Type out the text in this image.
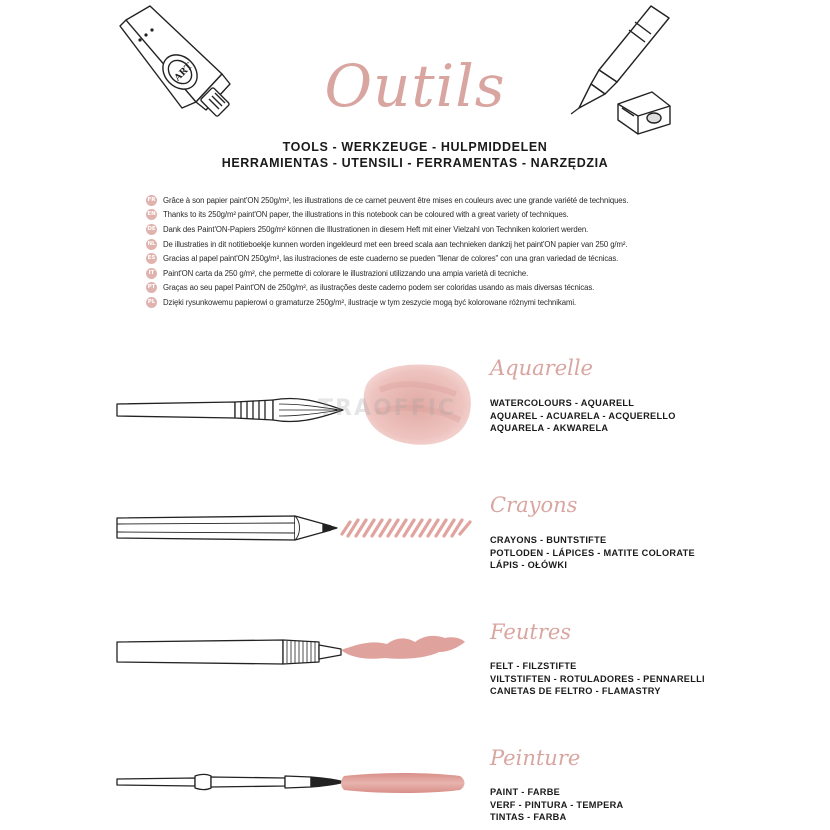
Outils
TOOLS - WERKZEUGE - HULPMIDDELEN
HERRAMIENTAS - UTENSILI - FERRAMENTAS - NARZĘDZIA
ART
FR Grâce à son papier paint'ON 250g/m², les illustrations de ce carnet peuvent être mises en couleurs avec une grande variété de techniques.
EN Thanks to its 250g/m² paint'ON paper, the illustrations in this notebook can be coloured with a great variety of techniques.
DE Dank des Paint'ON-Papiers 250g/m² können die Illustrationen in diesem Heft mit einer Vielzahl von Techniken koloriert werden.
NL De illustraties in dit notitieboekje kunnen worden ingekleurd met een breed scala aan technieken dankzij het paint'ON papier van 250 g/m².
ES Gracias al papel paint'ON 250g/m², las ilustraciones de este cuaderno se pueden "llenar de colores" con una gran variedad de técnicas.
IT	Paint'ON carta da 250 g/m², che permette di colorare le illustrazioni utilizzando una ampia varietà di tecniche.
PT Graças ao seu papel Paint'ON de 250g/m², as ilustrações deste caderno podem ser coloridas usando as mais diversas técnicas.
PL Dzięki rysunkowemu papierowi o gramaturze 250g/m², ilustracje w tym zeszycie mogą być kolorowane różnymi technikami.
Aquarelle
WATERCOLOURS - AQUARELL
AQUAREL - ACUARELA - ACQUERELLO
AQUARELA - AKWARELA
Crayons
CRAYONS - BUNTSTIFTE
POTLODEN - LÁPICES - MATITE COLORATE
LÁPIS - OŁÓWKI
Feutres
FELT - FILZSTIFTE
VILTSTIFTEN - ROTULADORES - PENNARELLI
CANETAS DE FELTRO - FLAMASTRY
Peinture
PAINT - FARBE
VERF - PINTURA - TEMPERA
TINTAS - FARBA
TRAOFFIC
